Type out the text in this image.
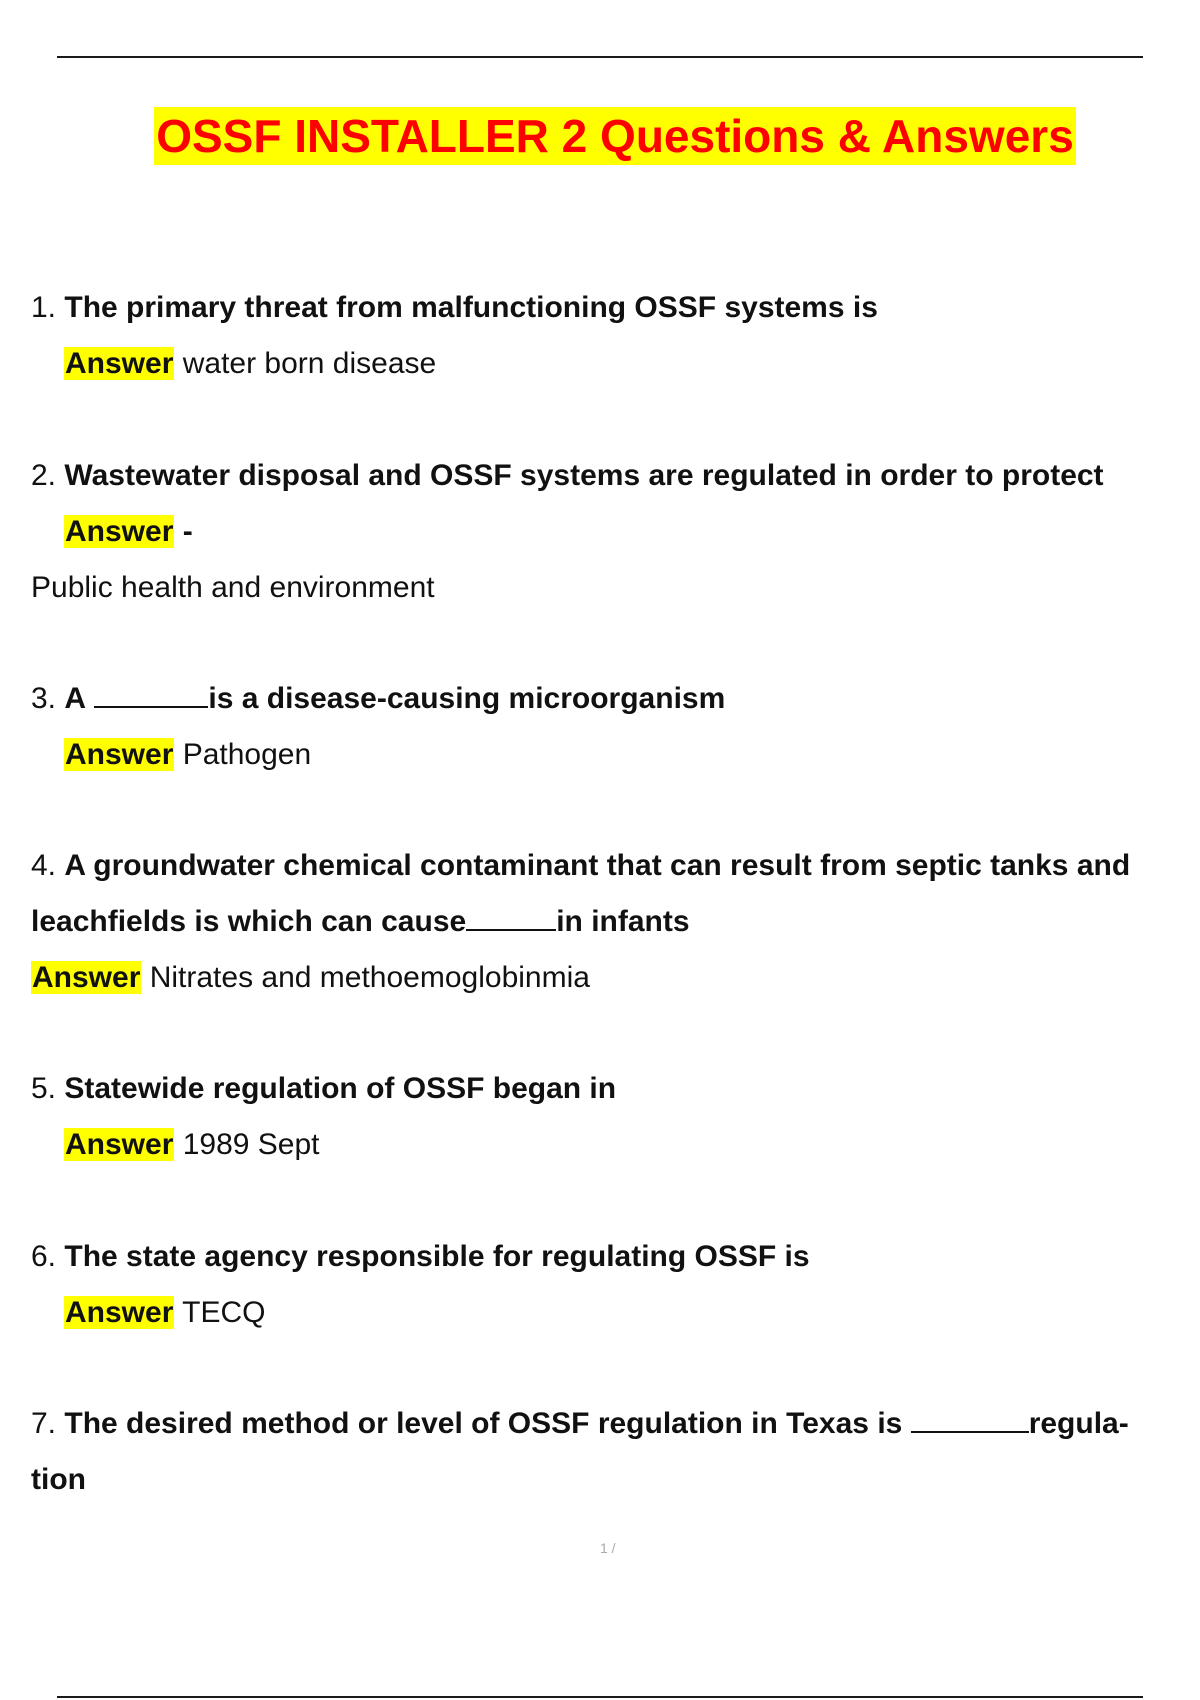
OSSF INSTALLER 2 Questions & Answers
1. The primary threat from malfunctioning OSSF systems is
Answer water born disease
2. Wastewater disposal and OSSF systems are regulated in order to protect
Answer -
Public health and environment
3. A	is a disease-causing microorganism
Answer Pathogen
4. A groundwater chemical contaminant that can result from septic tanks and
leachfields is which can cause	in infants
Answer Nitrates and methoemoglobinmia
5. Statewide regulation of OSSF began in
Answer 1989 Sept
6. The state agency responsible for regulating OSSF is
Answer TECQ
7. The desired method or level of OSSF regulation in Texas is	regula-
tion
1 /
